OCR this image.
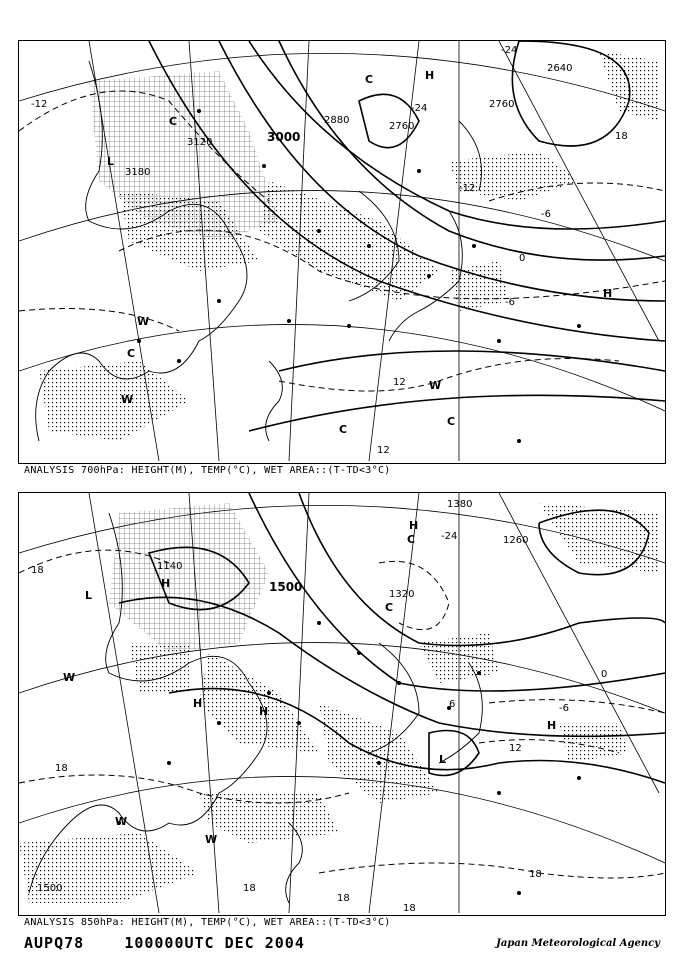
3120
3180
3000
2880
2760
2640
2760
-12	-24
-24
-12
-6
0
-6
12
12
18
L
C	H
C
W
C
W
C
W
H
C
ANALYSIS 700hPa: HEIGHT(M), TEMP(°C), WET AREA::(T-TD<3°C)
1380
1260
1140
1500
1320
1500
18
-24
-6
0
6
12
18
18
18
18
18
L
H
W
H
H
C
H
L
W
W
H
C
ANALYSIS 850hPa: HEIGHT(M), TEMP(°C), WET AREA::(T-TD<3°C)
AUPQ78	100000UTC DEC 2004	Japan Meteorological Agency
